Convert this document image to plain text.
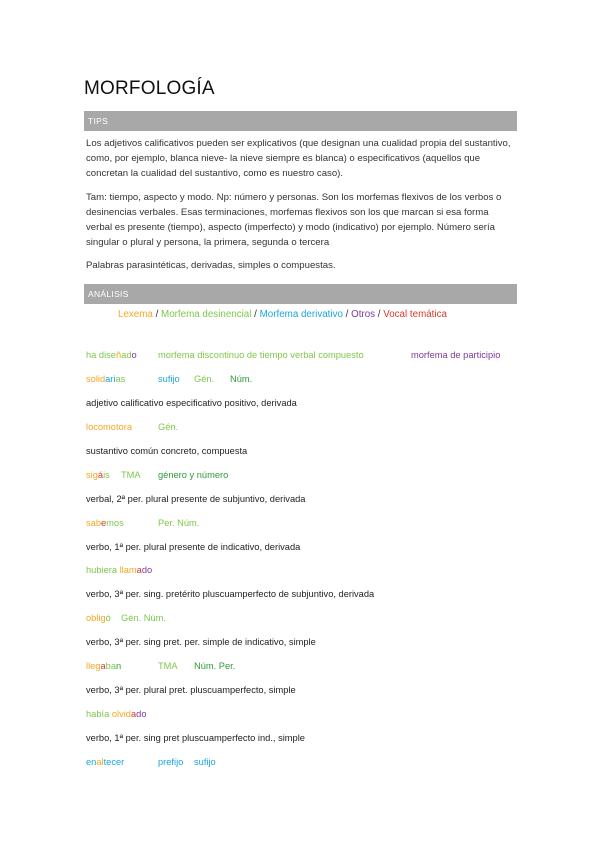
MORFOLOGÍA
TIPS

Los adjetivos calificativos pueden ser explicativos (que designan una cualidad propia del sustantivo, como, por ejemplo, blanca nieve- la nieve siempre es blanca) o especificativos (aquellos que concretan la cualidad del sustantivo, como es nuestro caso).

Tam: tiempo, aspecto y modo. Np: número y personas. Son los morfemas flexivos de los verbos o desinencias verbales. Esas terminaciones, morfemas flexivos son los que marcan si esa forma verbal es presente (tiempo), aspecto (imperfecto) y modo (indicativo) por ejemplo. Número sería singular o plural y persona, la primera, segunda o tercera

Palabras parasintéticas, derivadas, simples o compuestas.

ANÁLISIS
Lexema / Morfema desinencial / Morfema derivativo / Otros / Vocal temática
ha diseñado morfema discontinuo de tiempo verbal compuesto	morfema de participio
solidarias	sufijo Gén. Núm.
adjetivo calificativo especificativo positivo, derivada
locomotora	Gén.
sustantivo común concreto, compuesta
sigáis TMA género y número
verbal, 2ª per. plural presente de subjuntivo, derivada
sabemos	Per. Núm.
verbo, 1ª per. plural presente de indicativo, derivada
hubiera llamado
verbo, 3ª per. sing. pretérito pluscuamperfecto de subjuntivo, derivada
obligó Gén. Núm.
verbo, 3ª per. sing pret. per. simple de indicativo, simple
llegaban	TMA Núm. Per.
verbo, 3ª per. plural pret. pluscuamperfecto, simple
había olvidado
verbo, 1ª per. sing pret pluscuamperfecto ind., simple
enaltecer	prefijo sufijo
